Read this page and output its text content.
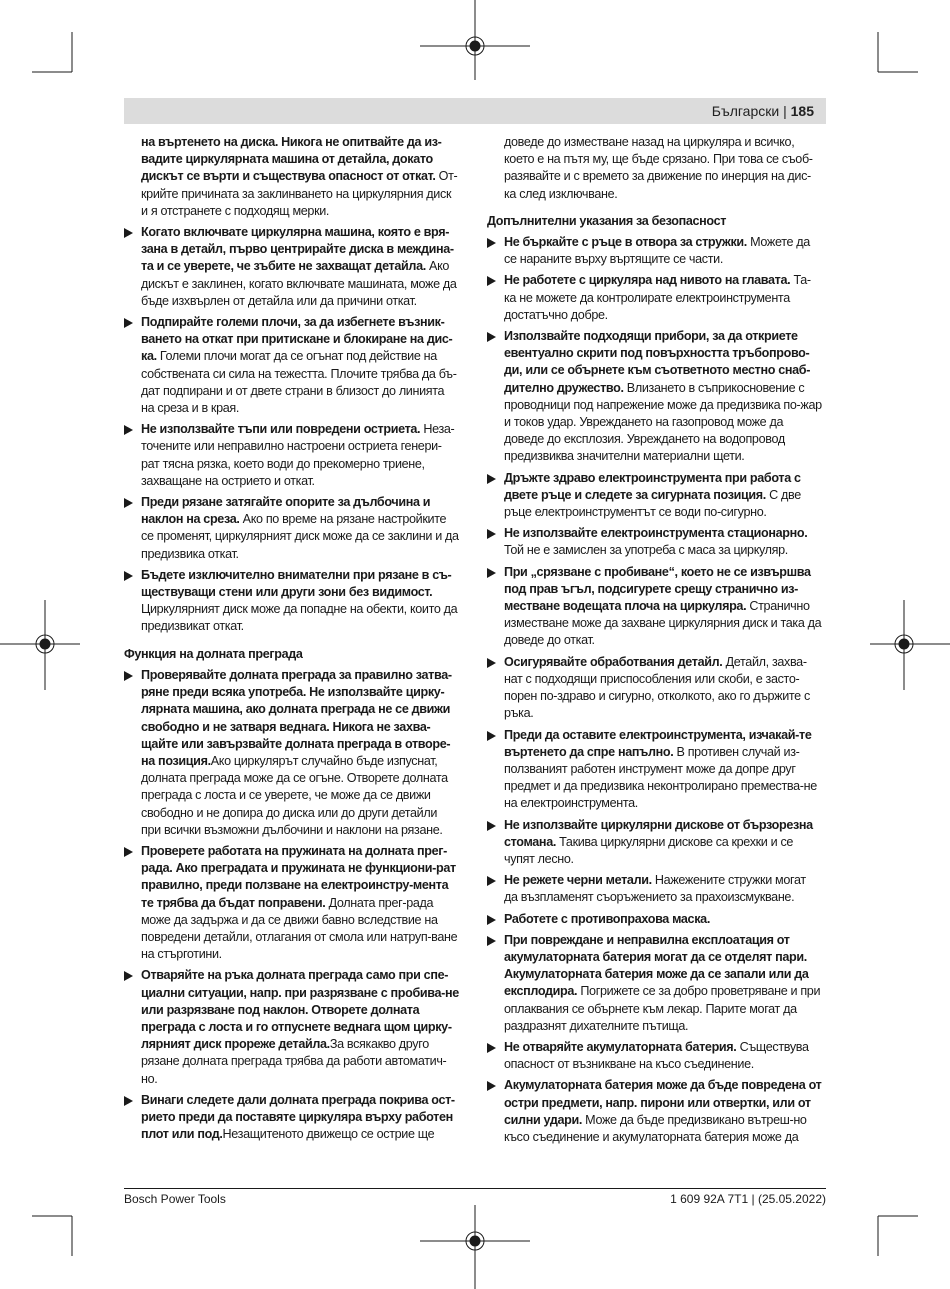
Български | 185
на въртенето на диска. Никога не опитвайте да из-вадите циркулярната машина от детайла, докато дискът се върти и съществува опасност от откат. От-крийте причината за заклинването на циркулярния диск и я отстранете с подходящ мерки.
Когато включвате циркулярна машина, която е вря-зана в детайл, първо центрирайте диска в междина-та и се уверете, че зъбите не захващат детайла. Ако дискът е заклинен, когато включвате машината, може да бъде изхвърлен от детайла или да причини откат.
Подпирайте големи плочи, за да избегнете възник-ването на откат при притискане и блокиране на дис-ка. Големи плочи могат да се огънат под действие на собствената си сила на тежестта. Плочите трябва да бъ-дат подпирани и от двете страни в близост до линията на среза и в края.
Не използвайте тъпи или повредени остриета. Неза-точените или неправилно настроени остриета генери-рат тясна рязка, което води до прекомерно триене, захващане на острието и откат.
Преди рязане затягайте опорите за дълбочина и наклон на среза. Ако по време на рязане настройките се променят, циркулярният диск може да се заклини и да предизвика откат.
Бъдете изключително внимателни при рязане в съ-ществуващи стени или други зони без видимост. Циркулярният диск може да попадне на обекти, които да предизвикат откат.
Функция на долната преграда
Проверявайте долната преграда за правилно затва-ряне преди всяка употреба. Не използвайте цирку-лярната машина, ако долната преграда не се движи свободно и не затваря веднага. Никога не захва-щайте или завързвайте долната преграда в отворе-на позиция.Ако циркулярът случайно бъде изпуснат, долната преграда може да се огъне. Отворете долната преграда с лоста и се уверете, че може да се движи свободно и не допира до диска или до други детайли при всички възможни дълбочини и наклони на рязане.
Проверете работата на пружината на долната прег-рада. Ако преградата и пружината не функциони-рат правилно, преди ползване на електроинстру-мента те трябва да бъдат поправени. Долната прег-рада може да задържа и да се движи бавно вследствие на повредени детайли, отлагания от смола или натруп-ване на стърготини.
Отваряйте на ръка долната преграда само при спе-циални ситуации, напр. при разрязване с пробива-не или разрязване под наклон. Отворете долната преграда с лоста и го отпуснете веднага щом цирку-лярният диск прореже детайла.За всякакво друго рязане долната преграда трябва да работи автоматич-но.
Винаги следете дали долната преграда покрива ост-рието преди да поставяте циркуляра върху работен плот или под.Незащитеното движещо се острие ще
доведе до изместване назад на циркуляра и всичко, което е на пътя му, ще бъде срязано. При това се съоб-разявайте и с времето за движение по инерция на дис-ка след изключване.
Допълнителни указания за безопасност
Не бъркайте с ръце в отвора за стружки. Можете да се нараните върху въртящите се части.
Не работете с циркуляра над нивото на главата. Та-ка не можете да контролирате електроинструмента достатъчно добре.
Използвайте подходящи прибори, за да откриете евентуално скрити под повърхността тръбопрово-ди, или се обърнете към съответното местно снаб-дително дружество. Влизането в съприкосновение с проводници под напрежение може да предизвика по-жар и токов удар. Увреждането на газопровод може да доведе до експлозия. Увреждането на водопровод предизвиква значителни материални щети.
Дръжте здраво електроинструмента при работа с двете ръце и следете за сигурната позиция. С две ръце електроинструментът се води по-сигурно.
Не използвайте електроинструмента стационарно. Той не е замислен за употреба с маса за циркуляр.
При „срязване с пробиване“, което не се извършва под прав ъгъл, подсигурете срещу странично из-местване водещата плоча на циркуляра. Странично изместване може да захване циркулярния диск и така да доведе до откат.
Осигурявайте обработвания детайл. Детайл, захва-нат с подходящи приспособления или скоби, е засто-порен по-здраво и сигурно, отколкото, ако го държите с ръка.
Преди да оставите електроинструмента, изчакай-те въртенето да спре напълно. В противен случай из-ползваният работен инструмент може да допре друг предмет и да предизвика неконтролирано премества-не на електроинструмента.
Не използвайте циркулярни дискове от бързорезна стомана. Такива циркулярни дискове са крехки и се чупят лесно.
Не режете черни метали. Нажежените стружки могат да възпламенят съоръжението за прахоизсмукване.
Работете с противопрахова маска.
При повреждане и неправилна експлоатация от акумулаторната батерия могат да се отделят пари. Акумулаторната батерия може да се запали или да експлодира. Погрижете се за добро проветряване и при оплаквания се обърнете към лекар. Парите могат да раздразнят дихателните пътища.
Не отваряйте акумулаторната батерия. Съществува опасност от възникване на късо съединение.
Акумулаторната батерия може да бъде повредена от остри предмети, напр. пирони или отвертки, или от силни удари. Може да бъде предизвикано вътреш-но късо съединение и акумулаторната батерия може да
Bosch Power Tools	1 609 92A 7T1 | (25.05.2022)
